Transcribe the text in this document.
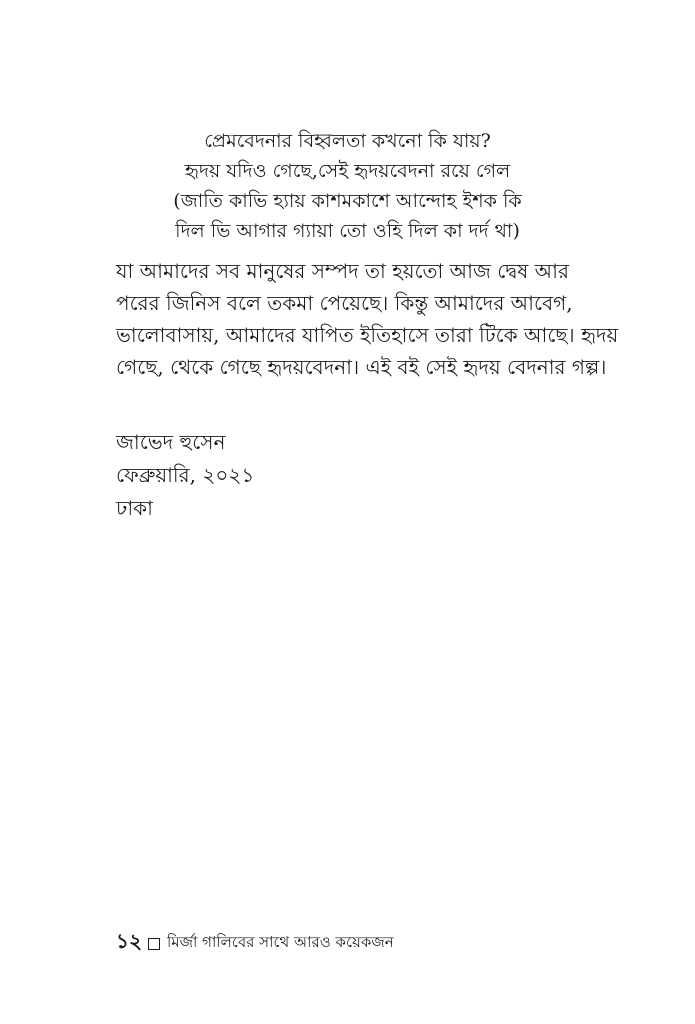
প্রেমবেদনার বিহ্বলতা কখনো কি যায়?
হৃদয় যদিও গেছে,সেই হৃদয়বেদনা রয়ে গেল
(জাতি কাভি হ্যায় কাশমকাশে আন্দোহ ইশক কি
দিল ভি আগার গ্যায়া তো ওহি দিল কা দর্দ থা)
যা আমাদের সব মানুষের সম্পদ তা হয়তো আজ দ্বেষ আর
পরের জিনিস বলে তকমা পেয়েছে। কিন্তু আমাদের আবেগ,
ভালোবাসায়, আমাদের যাপিত ইতিহাসে তারা টিকে আছে। হৃদয়
গেছে, থেকে গেছে হৃদয়বেদনা। এই বই সেই হৃদয় বেদনার গল্প।
জাভেদ হুসেন
ফেব্রুয়ারি, ২০২১
ঢাকা
১২ মির্জা গালিবের সাথে আরও কয়েকজন
